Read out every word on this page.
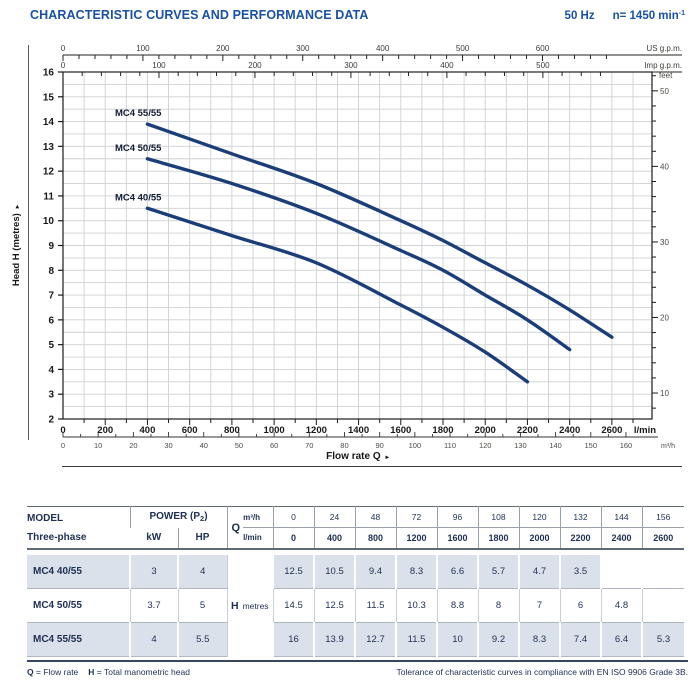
CHARACTERISTIC CURVES AND PERFORMANCE DATA	50 Hz n= 1450 $\min^{-1}$
MC4 40/55
MC4 50/55
MC4 55/55
2
3
4
5
6
7
8
9
10
11
12
13
14
15
16
Head H (metres)▸
10
20
30
40
50
feet
0	100	200	300	400	500	600	US g.p.m.
0	100	200	300	400	500	Imp g.p.m.
0	200	400	600	800 1000 1200 1400 1600 1800 2000 2200 2400 2600 l/min
0	10	20	30	40	50	60	70	80	90	100	110	120	130	140	150	160	m³/h
Flow rate Q ▸
MODEL
Three-phase
	POWER $(P_2)$	
Q
m³/h
l/min
	0	24	48	72	96	108	120	132	144	156
	kW	HP		0	400	800	1200	1600	1800	2000	2200	2400	2600

MC4 40/55	3	4	H metres	12.5	10.5	9.4	8.3	6.6	5.7	4.7	3.5		
MC4 50/55	3.7	5		14.5	12.5	11.5	10.3	8.8	8	7	6	4.8	
MC4 55/55	4	5.5		16	13.9	12.7	11.5	10	9.2	8.3	7.4	6.4	5.3
Q = Flow rate H = Total manometric head	Tolerance of characteristic curves in compliance with EN ISO 9906 Grade 3B.
